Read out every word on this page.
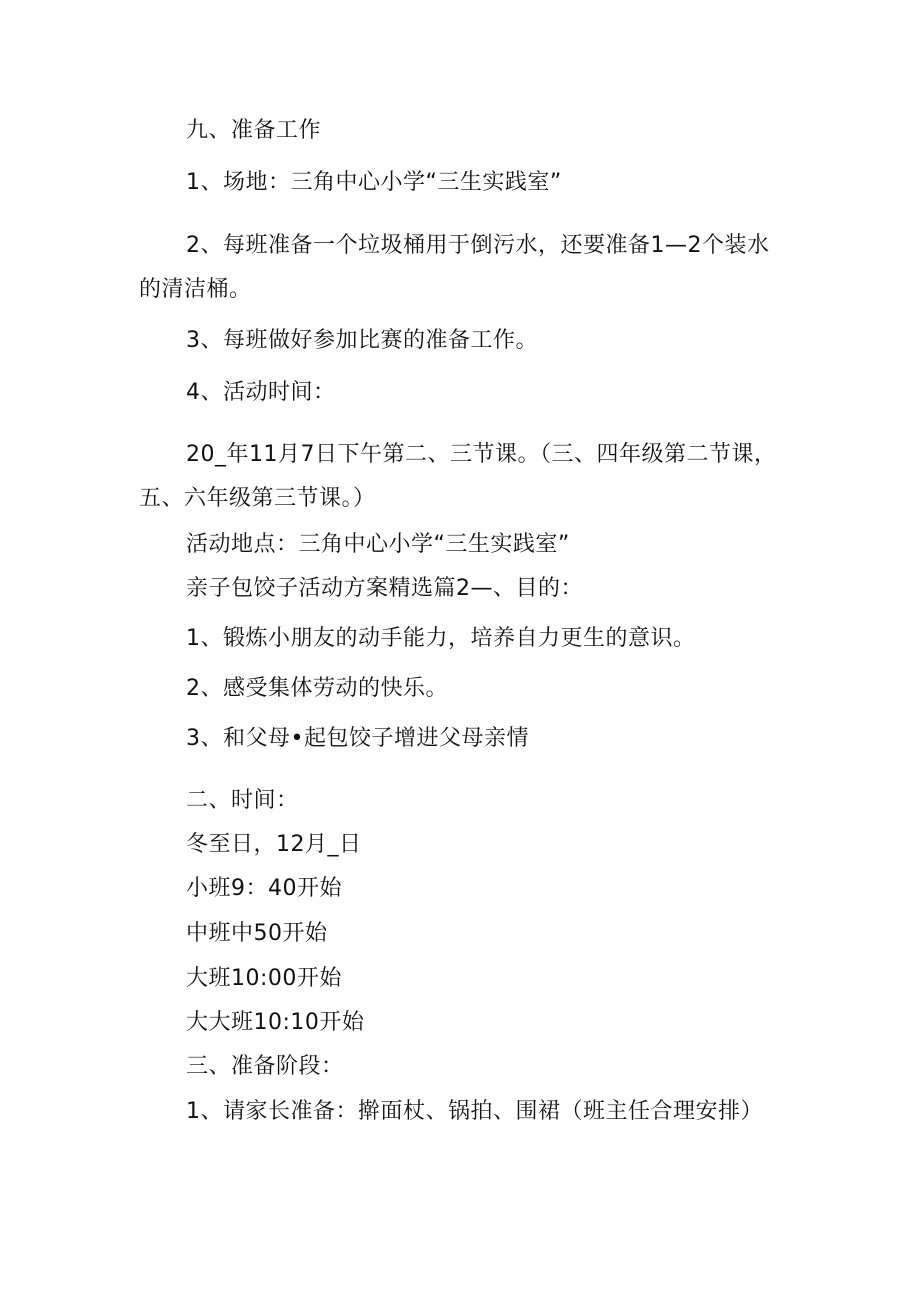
九、准备工作
1、场地：三角中心小学“三生实践室”
2、每班准备一个垃圾桶用于倒污水，还要准备1—2个装水
的清洁桶。
3、每班做好参加比赛的准备工作。
4、活动时间：
20_年11月7日下午第二、三节课。（三、四年级第二节课，
五、六年级第三节课。）
活动地点：三角中心小学“三生实践室”
亲子包饺子活动方案精选篇2—、目的：
1、锻炼小朋友的动手能力，培养自力更生的意识。
2、感受集体劳动的快乐。
3、和父母•起包饺子增进父母亲情
二、时间：
冬至日，12月_日
小班9：40开始
中班中50开始
大班10:00开始
大大班10:10开始
三、准备阶段：
1、请家长准备：擀面杖、锅拍、围裙（班主任合理安排）
